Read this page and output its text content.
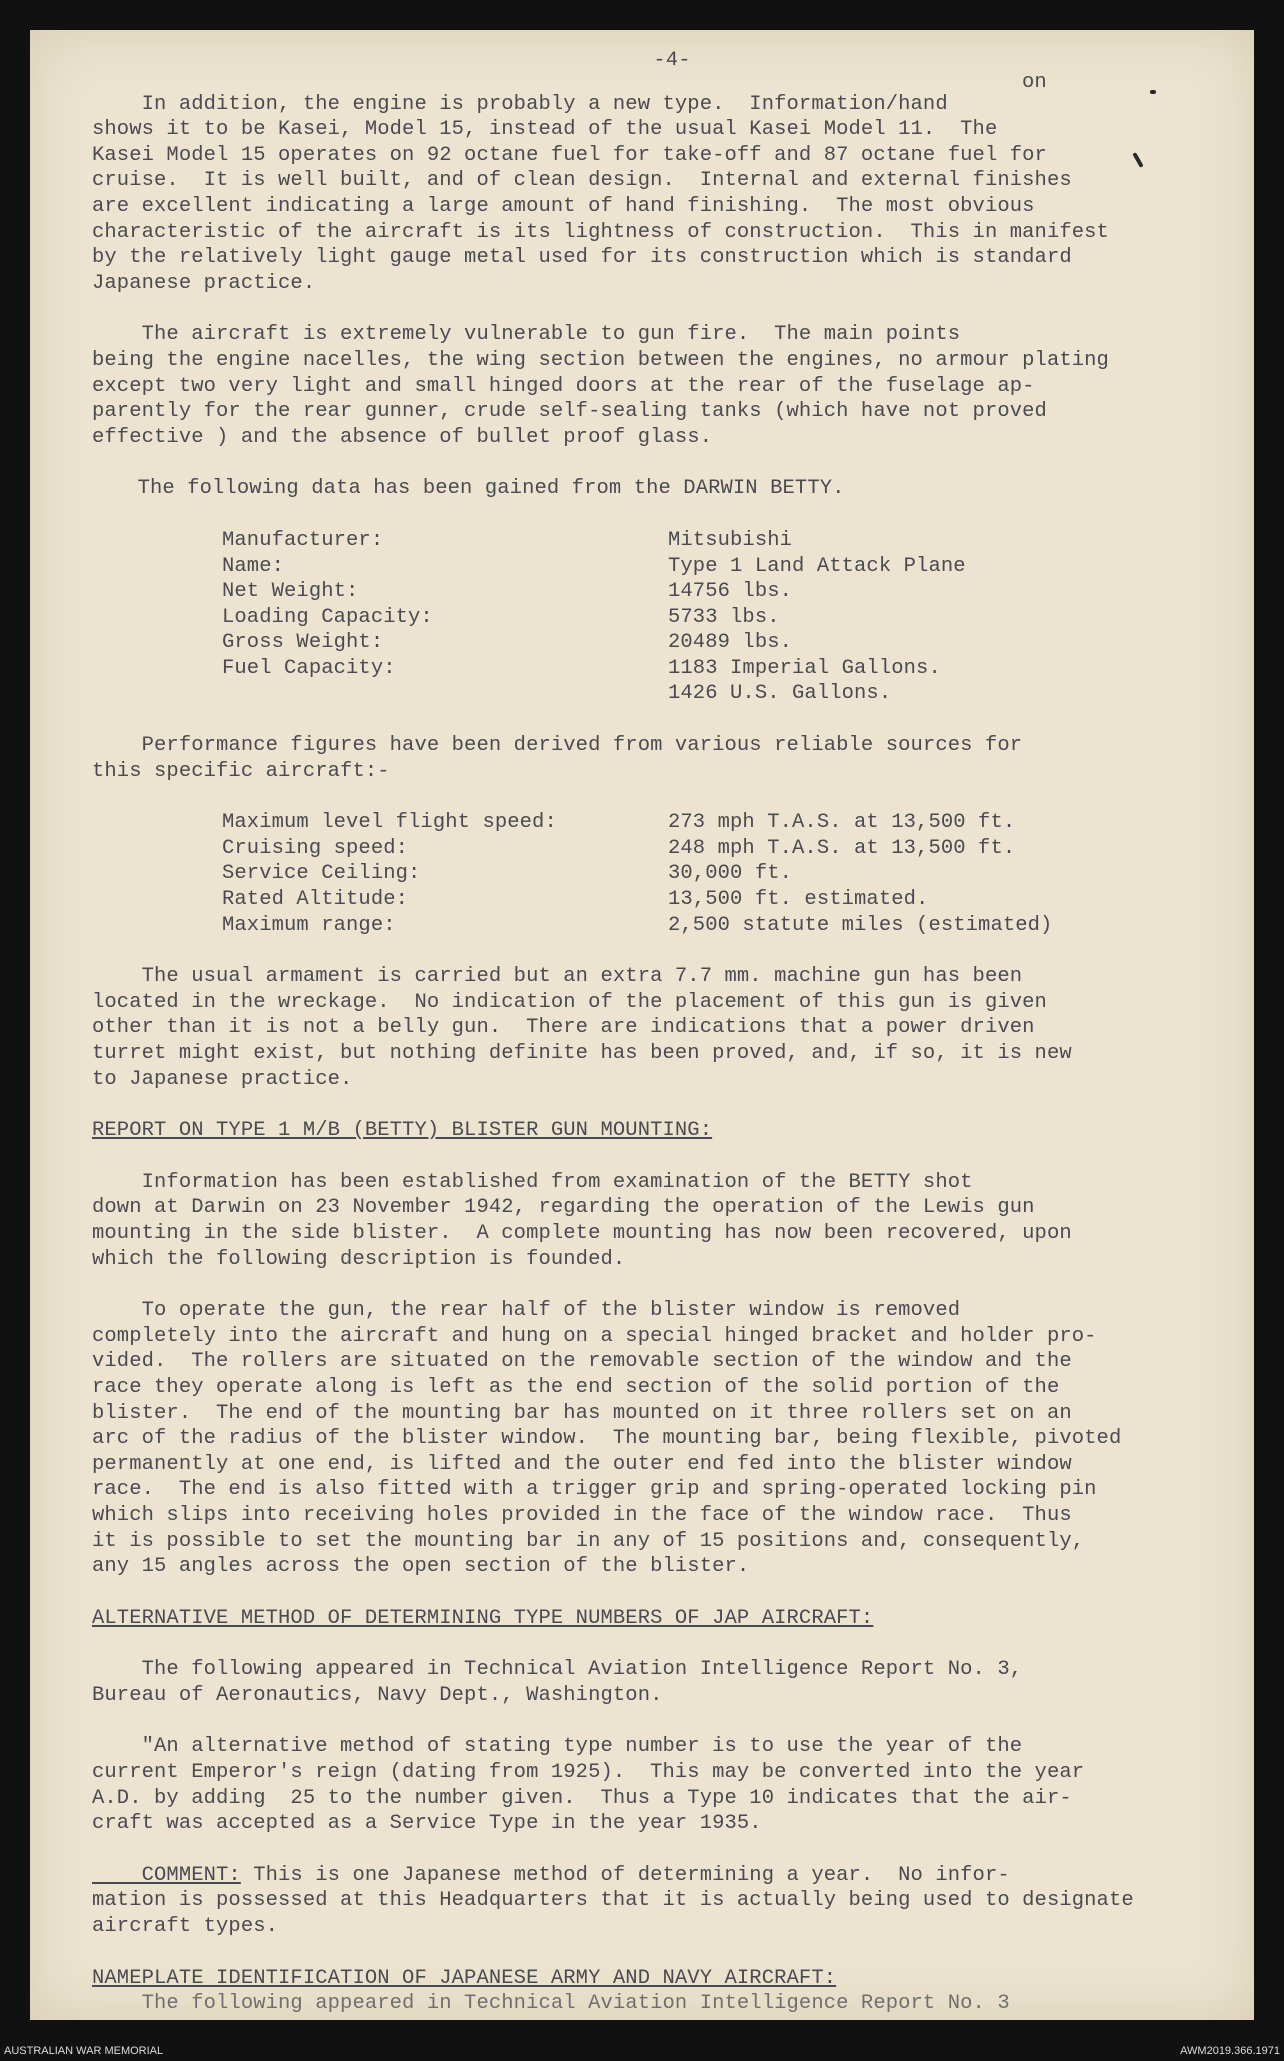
-4-
on
In addition, the engine is probably a new type.  Information/hand
shows it to be Kasei, Model 15, instead of the usual Kasei Model 11.  The
Kasei Model 15 operates on 92 octane fuel for take-off and 87 octane fuel for
cruise.  It is well built, and of clean design.  Internal and external finishes
are excellent indicating a large amount of hand finishing.  The most obvious
characteristic of the aircraft is its lightness of construction.  This in manifest
by the relatively light gauge metal used for its construction which is standard
Japanese practice.
The aircraft is extremely vulnerable to gun fire.  The main points
being the engine nacelles, the wing section between the engines, no armour plating
except two very light and small hinged doors at the rear of the fuselage ap-
parently for the rear gunner, crude self-sealing tanks (which have not proved
effective ) and the absence of bullet proof glass.
The following data has been gained from the DARWIN BETTY.
Manufacturer:	Mitsubishi
Name:	Type 1 Land Attack Plane
Net Weight:	14756 lbs.
Loading Capacity:	5733 lbs.
Gross Weight:	20489 lbs.
Fuel Capacity:	1183 Imperial Gallons.
1426 U.S. Gallons.
Performance figures have been derived from various reliable sources for
this specific aircraft:-
Maximum level flight speed:	273 mph T.A.S. at 13,500 ft.
Cruising speed:	248 mph T.A.S. at 13,500 ft.
Service Ceiling:	30,000 ft.
Rated Altitude:	13,500 ft. estimated.
Maximum range:	2,500 statute miles (estimated)
The usual armament is carried but an extra 7.7 mm. machine gun has been
located in the wreckage.  No indication of the placement of this gun is given
other than it is not a belly gun.  There are indications that a power driven
turret might exist, but nothing definite has been proved, and, if so, it is new
to Japanese practice.
REPORT ON TYPE 1 M/B (BETTY) BLISTER GUN MOUNTING:
Information has been established from examination of the BETTY shot
down at Darwin on 23 November 1942, regarding the operation of the Lewis gun
mounting in the side blister.  A complete mounting has now been recovered, upon
which the following description is founded.
To operate the gun, the rear half of the blister window is removed
completely into the aircraft and hung on a special hinged bracket and holder pro-
vided.  The rollers are situated on the removable section of the window and the
race they operate along is left as the end section of the solid portion of the
blister.  The end of the mounting bar has mounted on it three rollers set on an
arc of the radius of the blister window.  The mounting bar, being flexible, pivoted
permanently at one end, is lifted and the outer end fed into the blister window
race.  The end is also fitted with a trigger grip and spring-operated locking pin
which slips into receiving holes provided in the face of the window race.  Thus
it is possible to set the mounting bar in any of 15 positions and, consequently,
any 15 angles across the open section of the blister.
ALTERNATIVE METHOD OF DETERMINING TYPE NUMBERS OF JAP AIRCRAFT:
The following appeared in Technical Aviation Intelligence Report No. 3,
Bureau of Aeronautics, Navy Dept., Washington.
"An alternative method of stating type number is to use the year of the
current Emperor's reign (dating from 1925).  This may be converted into the year
A.D. by adding  25 to the number given.  Thus a Type 10 indicates that the air-
craft was accepted as a Service Type in the year 1935.
COMMENT: This is one Japanese method of determining a year.  No infor-
mation is possessed at this Headquarters that it is actually being used to designate
aircraft types.
NAMEPLATE IDENTIFICATION OF JAPANESE ARMY AND NAVY AIRCRAFT:
The following appeared in Technical Aviation Intelligence Report No. 3
AUSTRALIAN WAR MEMORIAL	AWM2019.366.1971
